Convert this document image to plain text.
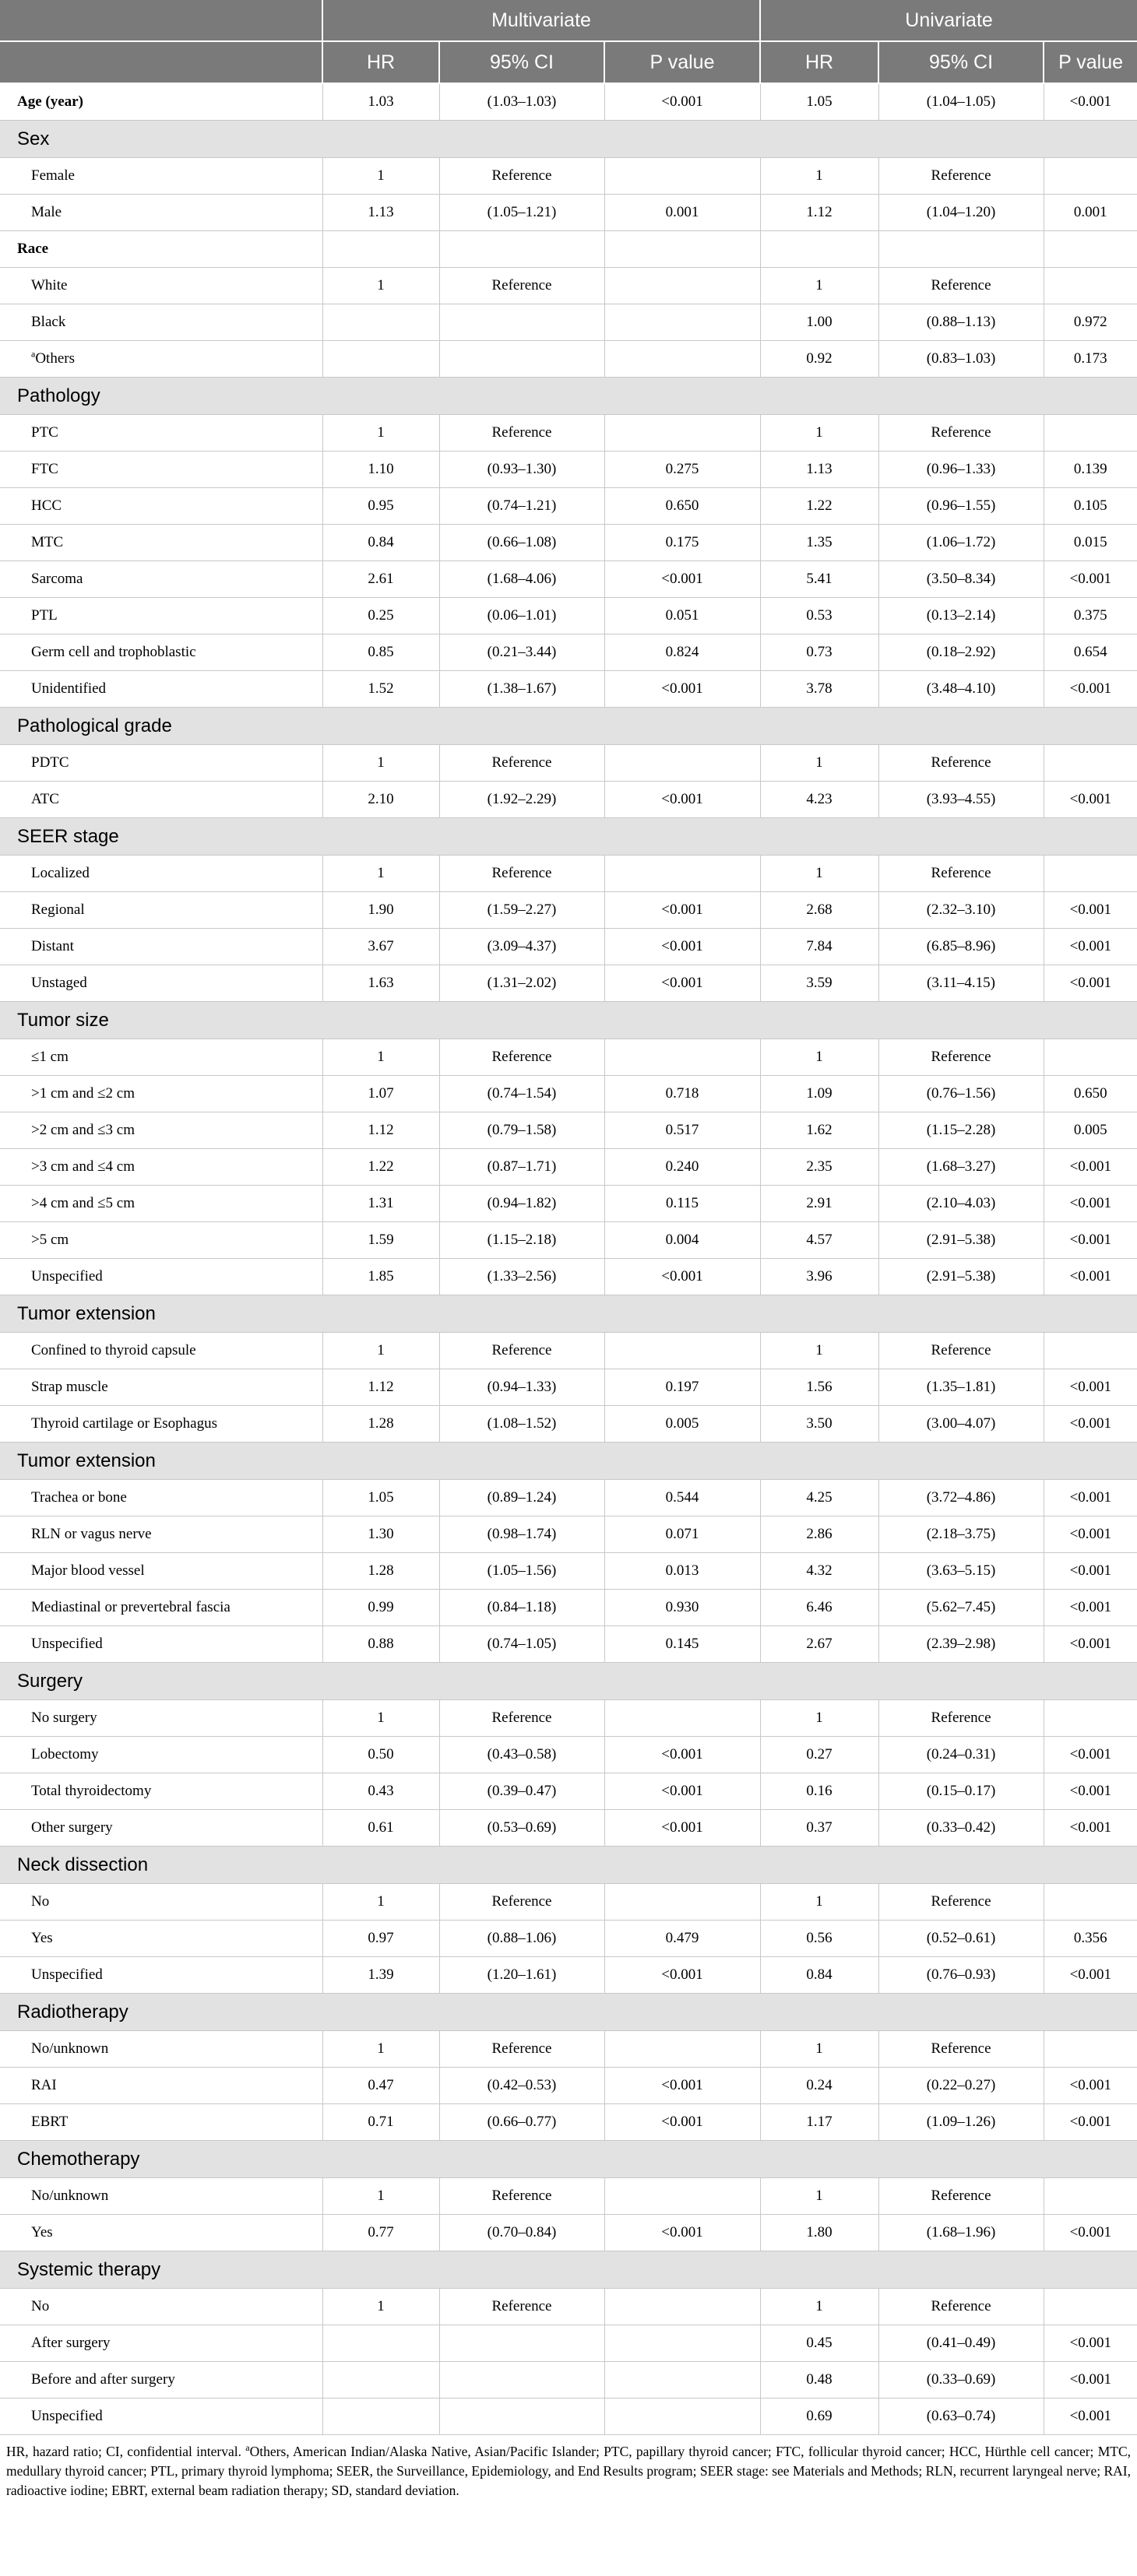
	Multivariate			Univariate		
	HR	95% CI	P value	HR	95% CI	P value
Age (year)	1.03	(1.03–1.03)	<0.001	1.05	(1.04–1.05)	<0.001
Sex						
Female	1	Reference		1	Reference	
Male	1.13	(1.05–1.21)	0.001	1.12	(1.04–1.20)	0.001
Race						
White	1	Reference		1	Reference	
Black				1.00	(0.88–1.13)	0.972
$^a$Others				0.92	(0.83–1.03)	0.173
Pathology						
PTC	1	Reference		1	Reference	
FTC	1.10	(0.93–1.30)	0.275	1.13	(0.96–1.33)	0.139
HCC	0.95	(0.74–1.21)	0.650	1.22	(0.96–1.55)	0.105
MTC	0.84	(0.66–1.08)	0.175	1.35	(1.06–1.72)	0.015
Sarcoma	2.61	(1.68–4.06)	<0.001	5.41	(3.50–8.34)	<0.001
PTL	0.25	(0.06–1.01)	0.051	0.53	(0.13–2.14)	0.375
Germ cell and trophoblastic	0.85	(0.21–3.44)	0.824	0.73	(0.18–2.92)	0.654
Unidentified	1.52	(1.38–1.67)	<0.001	3.78	(3.48–4.10)	<0.001
Pathological grade						
PDTC	1	Reference		1	Reference	
ATC	2.10	(1.92–2.29)	<0.001	4.23	(3.93–4.55)	<0.001
SEER stage						
Localized	1	Reference		1	Reference	
Regional	1.90	(1.59–2.27)	<0.001	2.68	(2.32–3.10)	<0.001
Distant	3.67	(3.09–4.37)	<0.001	7.84	(6.85–8.96)	<0.001
Unstaged	1.63	(1.31–2.02)	<0.001	3.59	(3.11–4.15)	<0.001
Tumor size						
≤1 cm	1	Reference		1	Reference	
>1 cm and ≤2 cm	1.07	(0.74–1.54)	0.718	1.09	(0.76–1.56)	0.650
>2 cm and ≤3 cm	1.12	(0.79–1.58)	0.517	1.62	(1.15–2.28)	0.005
>3 cm and ≤4 cm	1.22	(0.87–1.71)	0.240	2.35	(1.68–3.27)	<0.001
>4 cm and ≤5 cm	1.31	(0.94–1.82)	0.115	2.91	(2.10–4.03)	<0.001
>5 cm	1.59	(1.15–2.18)	0.004	4.57	(2.91–5.38)	<0.001
Unspecified	1.85	(1.33–2.56)	<0.001	3.96	(2.91–5.38)	<0.001
Tumor extension						
Confined to thyroid capsule	1	Reference		1	Reference	
Strap muscle	1.12	(0.94–1.33)	0.197	1.56	(1.35–1.81)	<0.001
Thyroid cartilage or Esophagus	1.28	(1.08–1.52)	0.005	3.50	(3.00–4.07)	<0.001
Tumor extension						
Trachea or bone	1.05	(0.89–1.24)	0.544	4.25	(3.72–4.86)	<0.001
RLN or vagus nerve	1.30	(0.98–1.74)	0.071	2.86	(2.18–3.75)	<0.001
Major blood vessel	1.28	(1.05–1.56)	0.013	4.32	(3.63–5.15)	<0.001
Mediastinal or prevertebral fascia	0.99	(0.84–1.18)	0.930	6.46	(5.62–7.45)	<0.001
Unspecified	0.88	(0.74–1.05)	0.145	2.67	(2.39–2.98)	<0.001
Surgery						
No surgery	1	Reference		1	Reference	
Lobectomy	0.50	(0.43–0.58)	<0.001	0.27	(0.24–0.31)	<0.001
Total thyroidectomy	0.43	(0.39–0.47)	<0.001	0.16	(0.15–0.17)	<0.001
Other surgery	0.61	(0.53–0.69)	<0.001	0.37	(0.33–0.42)	<0.001
Neck dissection						
No	1	Reference		1	Reference	
Yes	0.97	(0.88–1.06)	0.479	0.56	(0.52–0.61)	0.356
Unspecified	1.39	(1.20–1.61)	<0.001	0.84	(0.76–0.93)	<0.001
Radiotherapy						
No/unknown	1	Reference		1	Reference	
RAI	0.47	(0.42–0.53)	<0.001	0.24	(0.22–0.27)	<0.001
EBRT	0.71	(0.66–0.77)	<0.001	1.17	(1.09–1.26)	<0.001
Chemotherapy						
No/unknown	1	Reference		1	Reference	
Yes	0.77	(0.70–0.84)	<0.001	1.80	(1.68–1.96)	<0.001
Systemic therapy						
No	1	Reference		1	Reference	
After surgery				0.45	(0.41–0.49)	<0.001
Before and after surgery				0.48	(0.33–0.69)	<0.001
Unspecified				0.69	(0.63–0.74)	<0.001
HR, hazard ratio; CI, confidential interval. $^a$Others, American Indian/Alaska Native, Asian/Pacific Islander; PTC, papillary thyroid cancer; FTC, follicular thyroid cancer; HCC, Hürthle cell cancer; MTC, medullary thyroid cancer; PTL, primary thyroid lymphoma; SEER, the Surveillance, Epidemiology, and End Results program; SEER stage: see Materials and Methods; RLN, recurrent laryngeal nerve; RAI, radioactive iodine; EBRT, external beam radiation therapy; SD, standard deviation.
